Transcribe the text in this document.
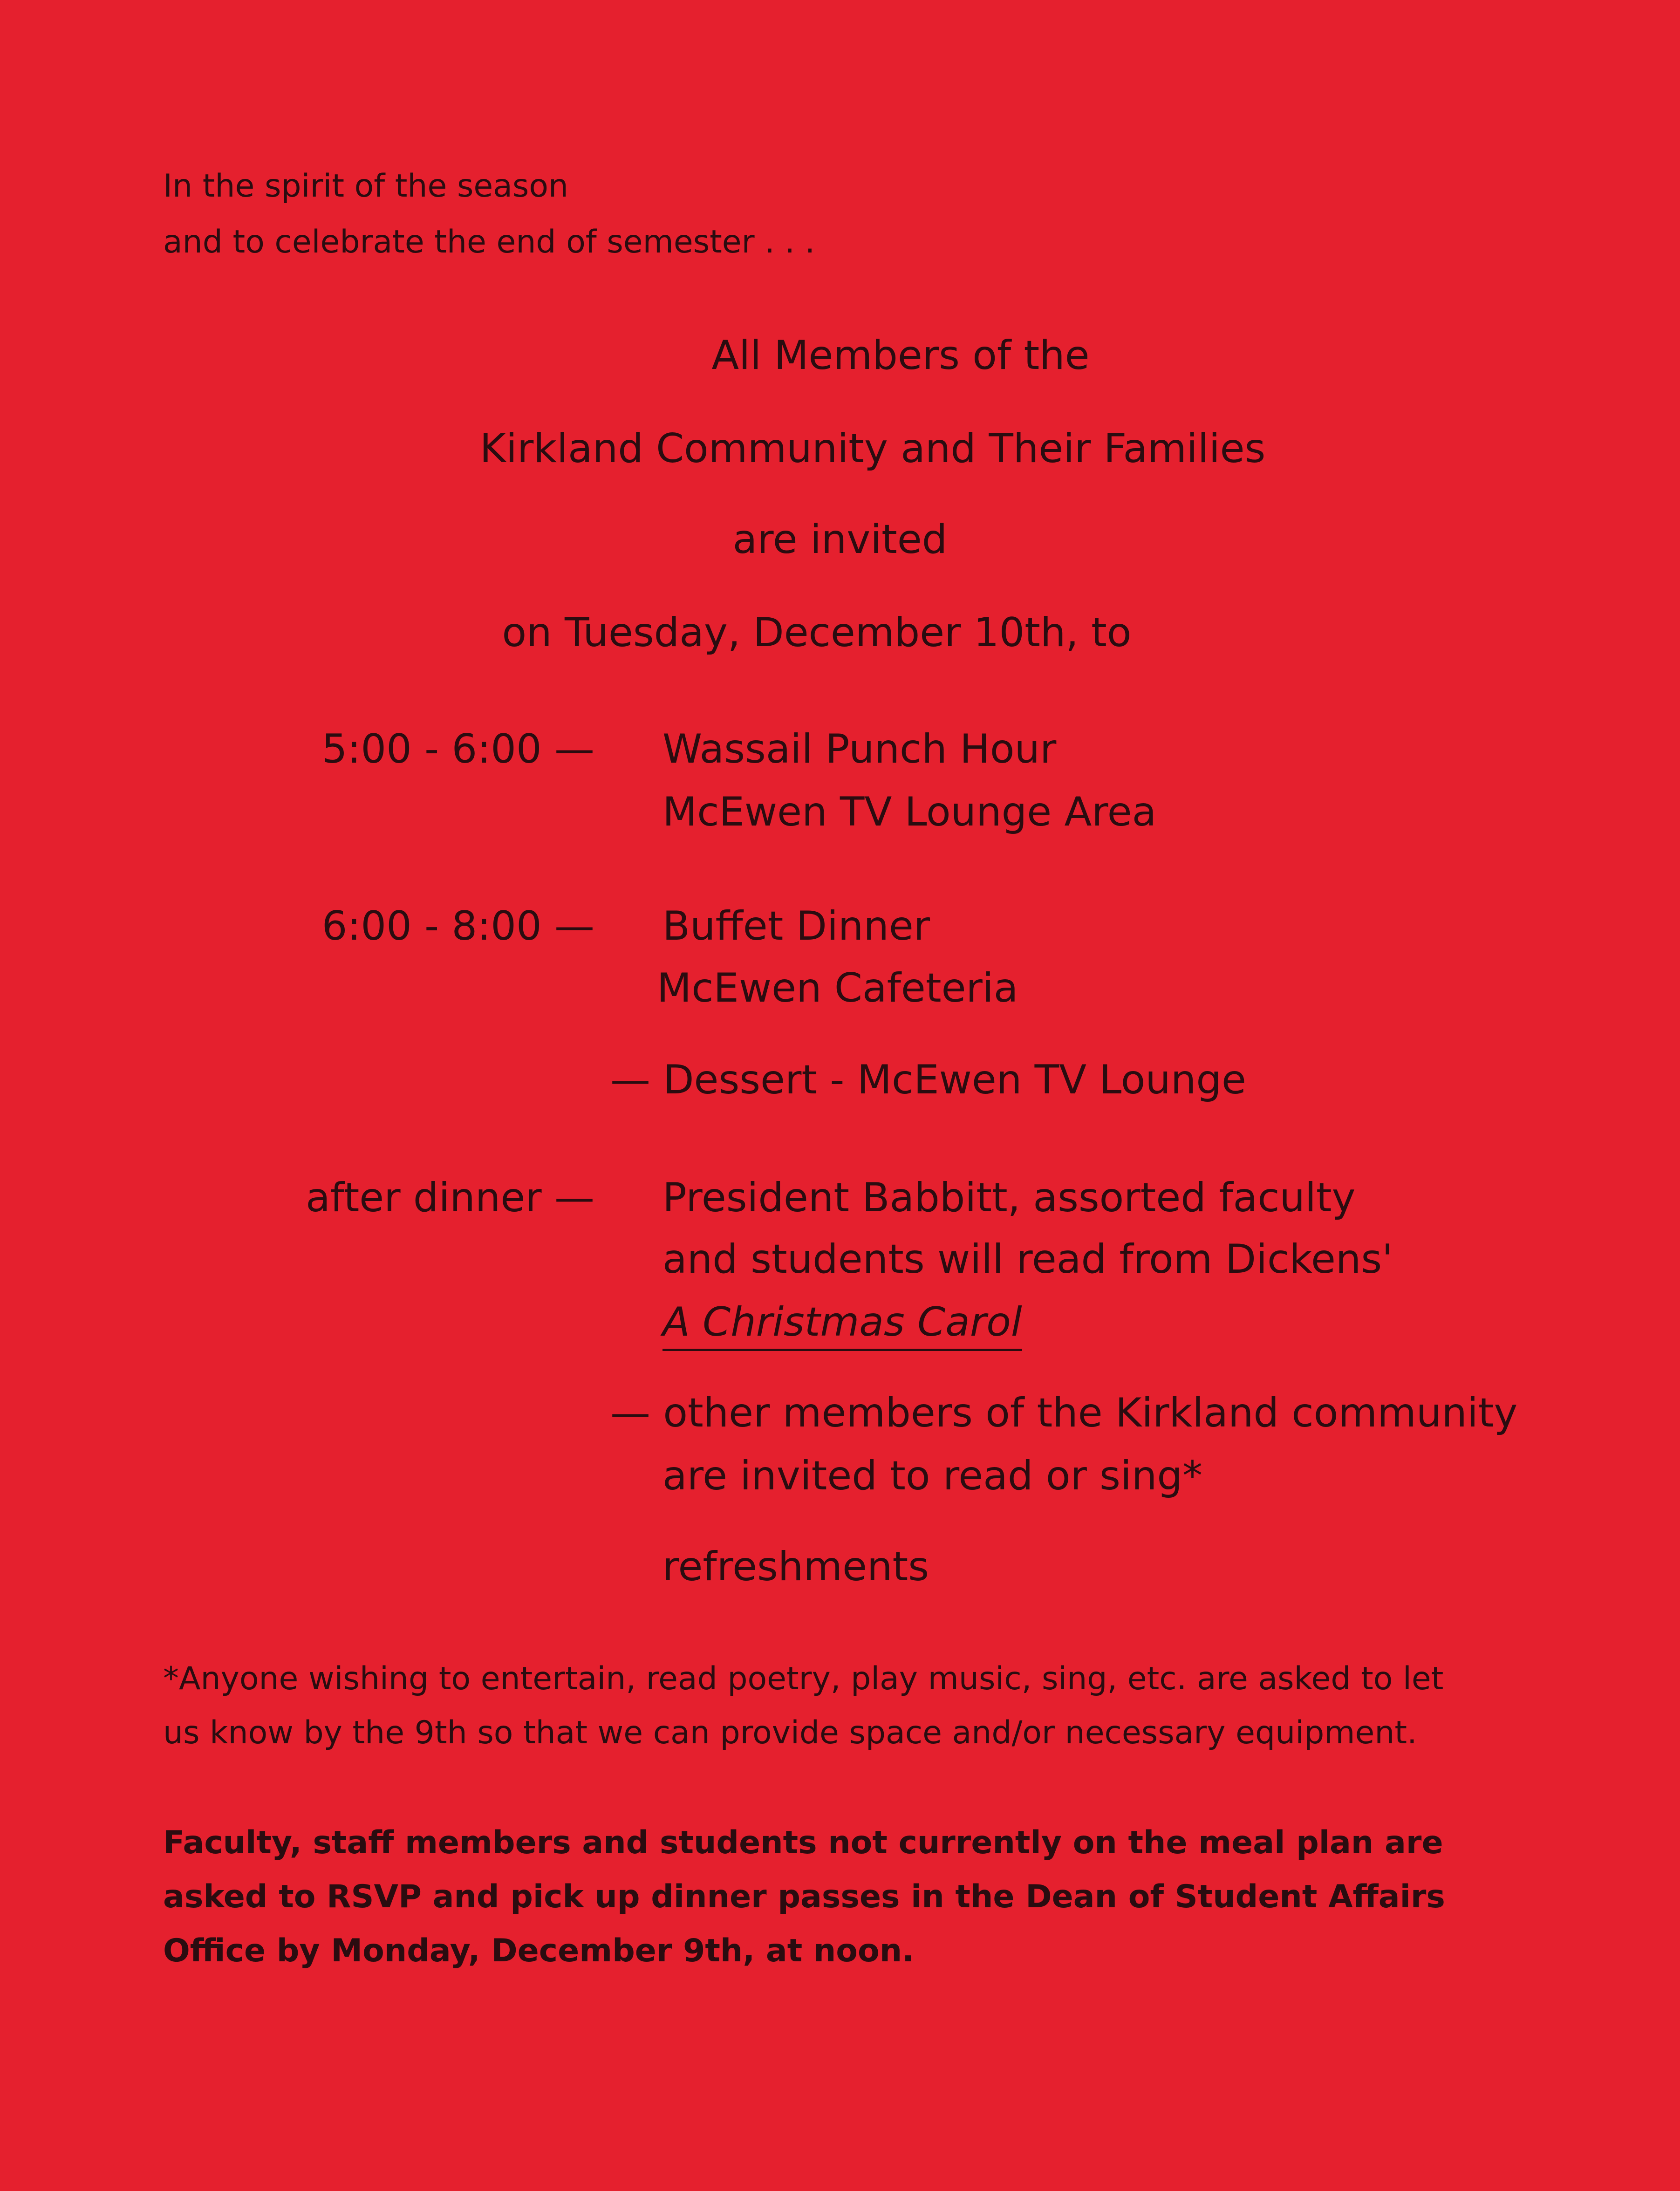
In the spirit of the season
and to celebrate the end of semester . . .
All Members of the
Kirkland Community and Their Families
are invited
on Tuesday, December 10th, to
5:00 - 6:00 — Wassail Punch Hour
McEwen TV Lounge Area
6:00 - 8:00 — Buffet Dinner
McEwen Cafeteria
— Dessert - McEwen TV Lounge
after dinner — President Babbitt, assorted faculty
and students will read from Dickens'
A Christmas Carol
— other members of the Kirkland community
are invited to read or sing*
refreshments
*Anyone wishing to entertain, read poetry, play music, sing, etc. are asked to let
us know by the 9th so that we can provide space and/or necessary equipment.
Faculty, staff members and students not currently on the meal plan are
asked to RSVP and pick up dinner passes in the Dean of Student Affairs
Office by Monday, December 9th, at noon.
